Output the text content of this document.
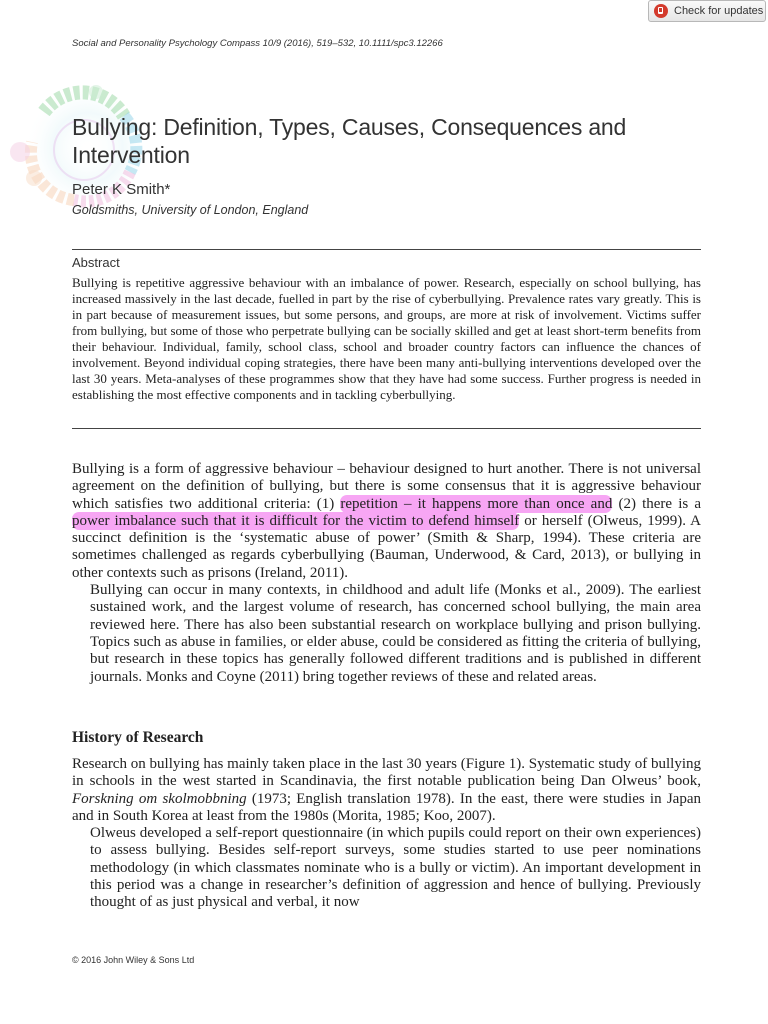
Check for updates
Social and Personality Psychology Compass 10/9 (2016), 519–532, 10.1111/spc3.12266
Bullying: Definition, Types, Causes, Consequences and Intervention
Peter K Smith*
Goldsmiths, University of London, England
Abstract

Bullying is repetitive aggressive behaviour with an imbalance of power. Research, especially on school bullying, has increased massively in the last decade, fuelled in part by the rise of cyberbullying. Prevalence rates vary greatly. This is in part because of measurement issues, but some persons, and groups, are more at risk of involvement. Victims suffer from bullying, but some of those who perpetrate bullying can be socially skilled and get at least short-term benefits from their behaviour. Individual, family, school class, school and broader country factors can influence the chances of involvement. Beyond individual coping strategies, there have been many anti-bullying interventions developed over the last 30 years. Meta-analyses of these programmes show that they have had some success. Further progress is needed in establishing the most effective components and in tackling cyberbullying.

Bullying is a form of aggressive behaviour – behaviour designed to hurt another. There is not universal agreement on the definition of bullying, but there is some consensus that it is aggressive behaviour which satisfies two additional criteria: (1) repetition – it happens more than once and (2) there is a power imbalance such that it is difficult for the victim to defend himself or herself (Olweus, 1999). A succinct definition is the ‘systematic abuse of power’ (Smith & Sharp, 1994). These criteria are sometimes challenged as regards cyberbullying (Bauman, Underwood, & Card, 2013), or bullying in other contexts such as prisons (Ireland, 2011).
Bullying can occur in many contexts, in childhood and adult life (Monks et al., 2009). The earliest sustained work, and the largest volume of research, has concerned school bullying, the main area reviewed here. There has also been substantial research on workplace bullying and prison bullying. Topics such as abuse in families, or elder abuse, could be considered as fitting the criteria of bullying, but research in these topics has generally followed different traditions and is published in different journals. Monks and Coyne (2011) bring together reviews of these and related areas.
History of Research
Research on bullying has mainly taken place in the last 30 years (Figure 1). Systematic study of bullying in schools in the west started in Scandinavia, the first notable publication being Dan Olweus’ book, Forskning om skolmobbning (1973; English translation 1978). In the east, there were studies in Japan and in South Korea at least from the 1980s (Morita, 1985; Koo, 2007).
Olweus developed a self-report questionnaire (in which pupils could report on their own experiences) to assess bullying. Besides self-report surveys, some studies started to use peer nominations methodology (in which classmates nominate who is a bully or victim). An important development in this period was a change in researcher’s definition of aggression and hence of bullying. Previously thought of as just physical and verbal, it now
© 2016 John Wiley & Sons Ltd
